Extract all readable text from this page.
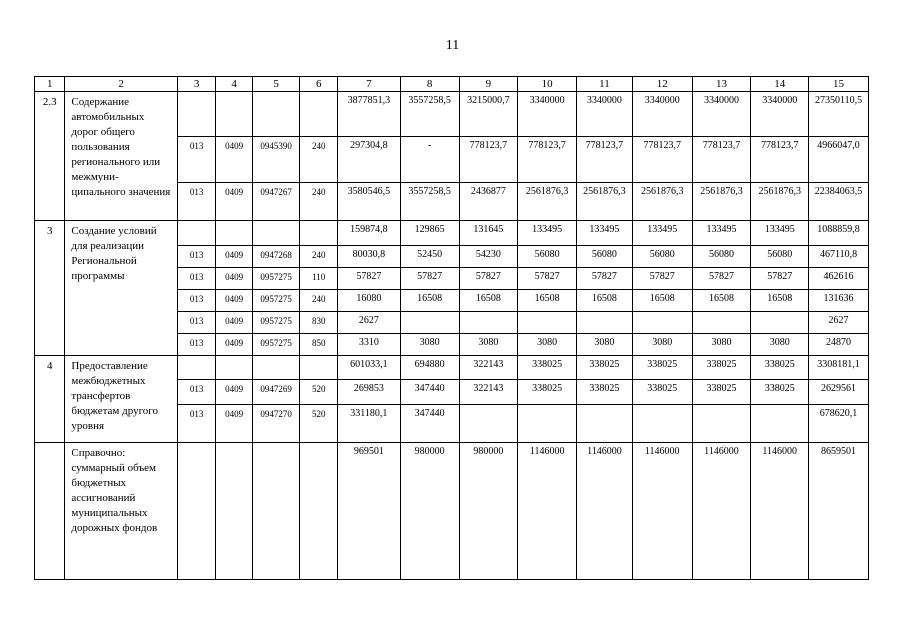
11
1	2	3	4	5	6	7	8	9	10	11	12	13	14	15
2.3	Содержание автомобильных дорог общего пользования регионального или межмуни-ципального значения					3877851,3	3557258,5	3215000,7	3340000	3340000	3340000	3340000	3340000	27350110,5
		013	0409	0945390	240	297304,8	-	778123,7	778123,7	778123,7	778123,7	778123,7	778123,7	4966047,0
		013	0409	0947267	240	3580546,5	3557258,5	2436877	2561876,3	2561876,3	2561876,3	2561876,3	2561876,3	22384063,5
3	Создание условий для реализации Региональной программы					159874,8	129865	131645	133495	133495	133495	133495	133495	1088859,8
		013	0409	0947268	240	80030,8	52450	54230	56080	56080	56080	56080	56080	467110,8
		013	0409	0957275	110	57827	57827	57827	57827	57827	57827	57827	57827	462616
		013	0409	0957275	240	16080	16508	16508	16508	16508	16508	16508	16508	131636
		013	0409	0957275	830	2627								2627
		013	0409	0957275	850	3310	3080	3080	3080	3080	3080	3080	3080	24870
4	Предоставление межбюджетных трансфертов бюджетам другого уровня					601033,1	694880	322143	338025	338025	338025	338025	338025	3308181,1
		013	0409	0947269	520	269853	347440	322143	338025	338025	338025	338025	338025	2629561
		013	0409	0947270	520	331180,1	347440							678620,1
	Справочно: суммарный объем бюджетных ассигнований муниципальных дорожных фондов					969501	980000	980000	1146000	1146000	1146000	1146000	1146000	8659501
